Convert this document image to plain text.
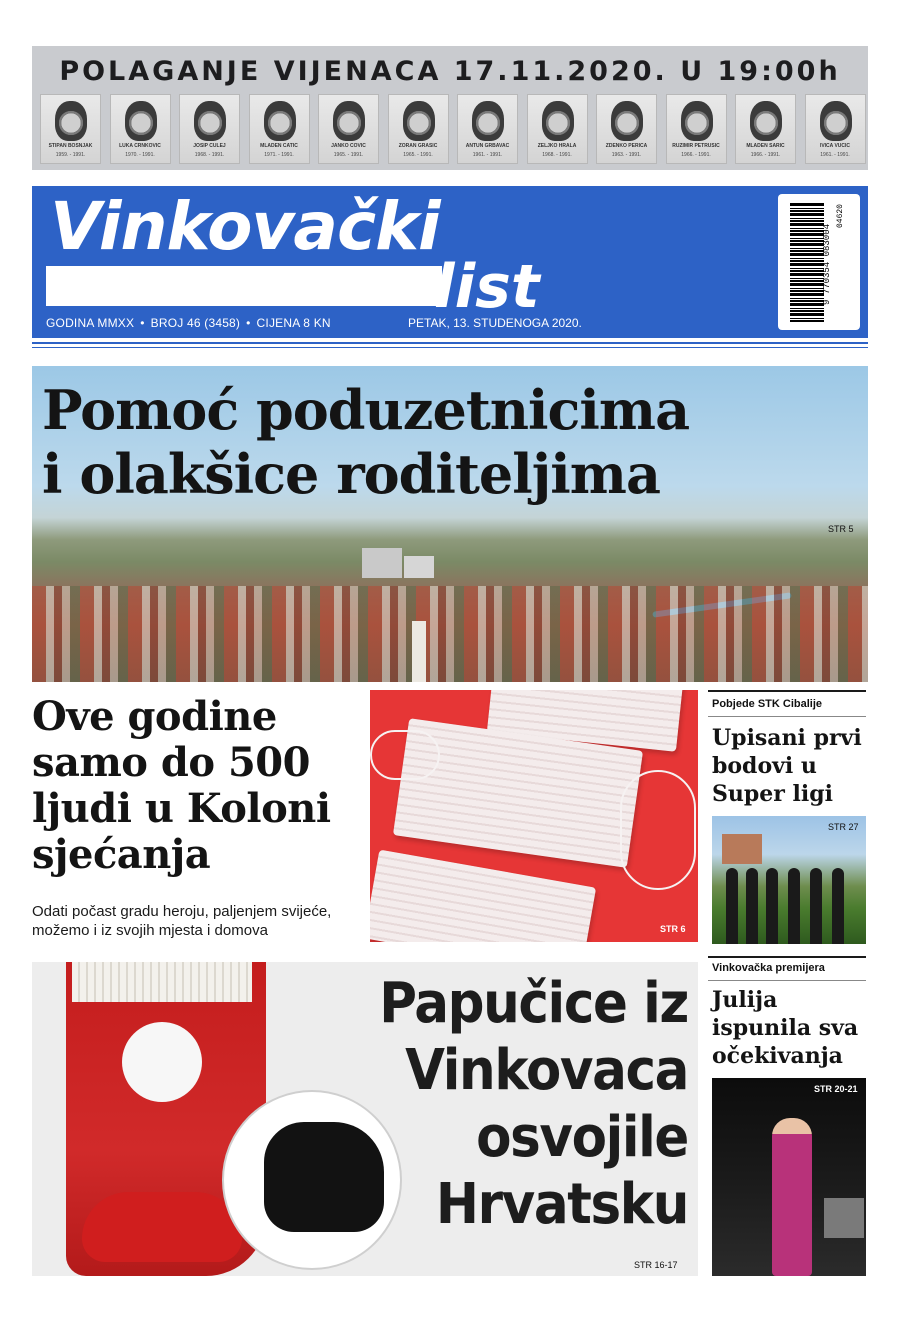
POLAGANJE VIJENACA 17.11.2020. U 19:00h
STIPAN BOŠNJAK
1959. - 1991.
LUKA CRNKOVIĆ
1970. - 1991.
JOSIP CULEJ
1968. - 1991.
MLADEN ĆATIĆ
1971. - 1991.
JANKO ČOVIĆ
1965. - 1991.
ZORAN GRAŠIĆ
1965. - 1991.
ANTUN GRBAVAC
1961. - 1991.
ŽELJKO HRALA
1968. - 1991.
ZDENKO PERICA
1963. - 1991.
RUŽIMIR PETRUŠIĆ
1966. - 1991.
MLADEN ŠARIĆ
1966. - 1991.
IVICA VUČIĆ
1961. - 1991.
Vinkovački
list
GODINA MMXX • BROJ 46 (3458) • CIJENA 8 KN	PETAK, 13. STUDENOGA 2020.
9 770354 083004
04620
Pomoć poduzetnicima
i olakšice roditeljima
STR 5
Ove godine samo do 500 ljudi u Koloni sjećanja
Odati počast gradu heroju, paljenjem svijeće, možemo i iz svojih mjesta i domova	STR 6
Pobjede STK Cibalije
Upisani prvi bodovi u Super ligi
STR 27
Vinkovačka premijera
Julija ispunila sva očekivanja
STR 20-21
Papučice iz Vinkovaca osvojile Hrvatsku
STR 16-17
